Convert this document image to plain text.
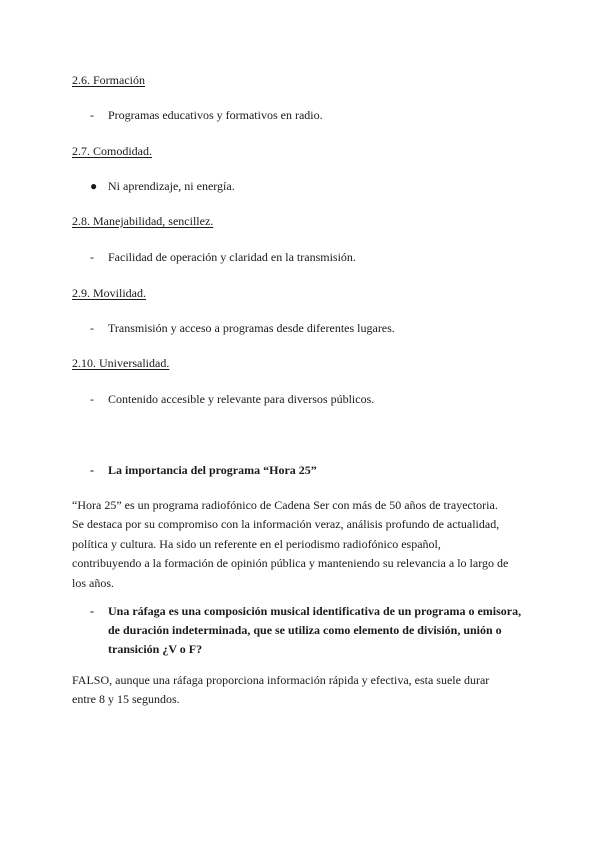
2.6. Formación
- Programas educativos y formativos en radio.
2.7. Comodidad.
● Ni aprendizaje, ni energía.
2.8. Manejabilidad, sencillez.
- Facilidad de operación y claridad en la transmisión.
2.9. Movilidad.
- Transmisión y acceso a programas desde diferentes lugares.
2.10. Universalidad.
- Contenido accesible y relevante para diversos públicos.
-	La importancia del programa “Hora 25”
“Hora 25” es un programa radiofónico de Cadena Ser con más de 50 años de trayectoria. Se destaca por su compromiso con la información veraz, análisis profundo de actualidad, política y cultura. Ha sido un referente en el periodismo radiofónico español, contribuyendo a la formación de opinión pública y manteniendo su relevancia a lo largo de los años.
-	Una ráfaga es una composición musical identificativa de un programa o emisora, de duración indeterminada, que se utiliza como elemento de división, unión o transición ¿V o F?
FALSO, aunque una ráfaga proporciona información rápida y efectiva, esta suele durar entre 8 y 15 segundos.
